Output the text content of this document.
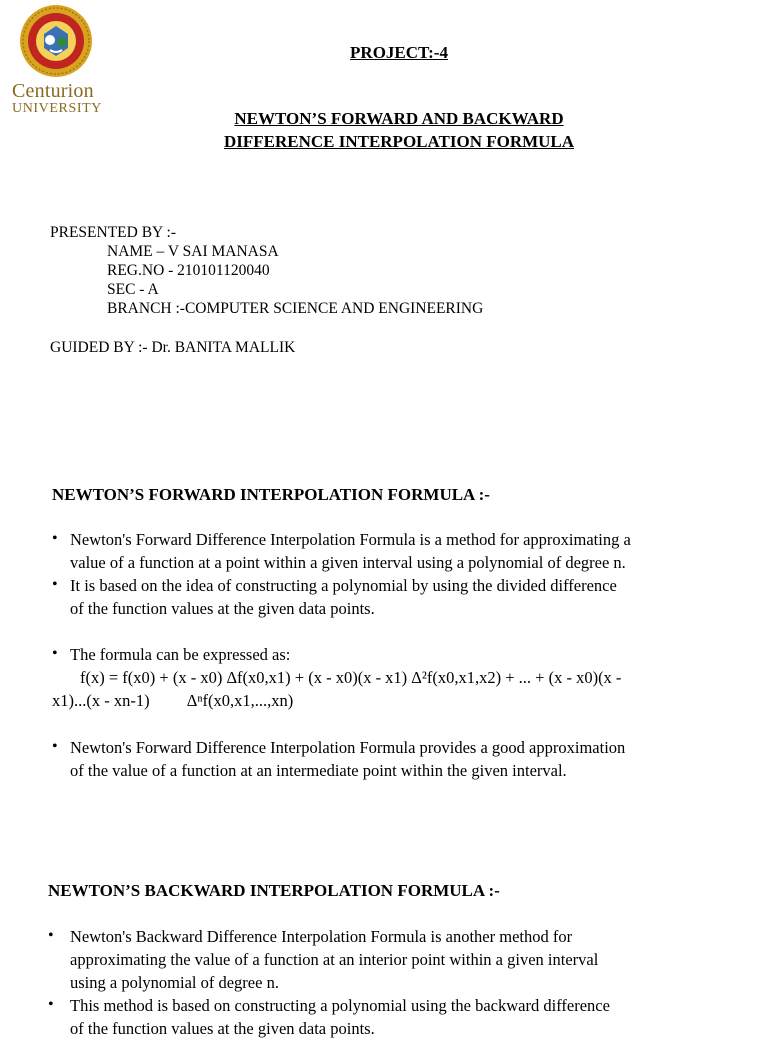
Centurion
UNIVERSITY
PROJECT:-4
NEWTON’S FORWARD AND BACKWARD
DIFFERENCE INTERPOLATION FORMULA
PRESENTED BY :-
NAME – V SAI MANASA
REG.NO - 210101120040
SEC - A
BRANCH :-COMPUTER SCIENCE AND ENGINEERING
GUIDED BY :- Dr. BANITA MALLIK
NEWTON’S FORWARD INTERPOLATION FORMULA :-
• Newton's Forward Difference Interpolation Formula is a method for approximating a
value of a function at a point within a given interval using a polynomial of degree n.
• It is based on the idea of constructing a polynomial by using the divided difference
of the function values at the given data points.
• The formula can be expressed as:
f(x) = f(x0) + (x - x0) Δf(x0,x1) + (x - x0)(x - x1) Δ²f(x0,x1,x2) + ... + (x - x0)(x -
x1)...(x - xn-1)         Δⁿf(x0,x1,...,xn)
• Newton's Forward Difference Interpolation Formula provides a good approximation
of the value of a function at an intermediate point within the given interval.
NEWTON’S BACKWARD INTERPOLATION FORMULA :-
• Newton's Backward Difference Interpolation Formula is another method for
approximating the value of a function at an interior point within a given interval
using a polynomial of degree n.
• This method is based on constructing a polynomial using the backward difference
of the function values at the given data points.
